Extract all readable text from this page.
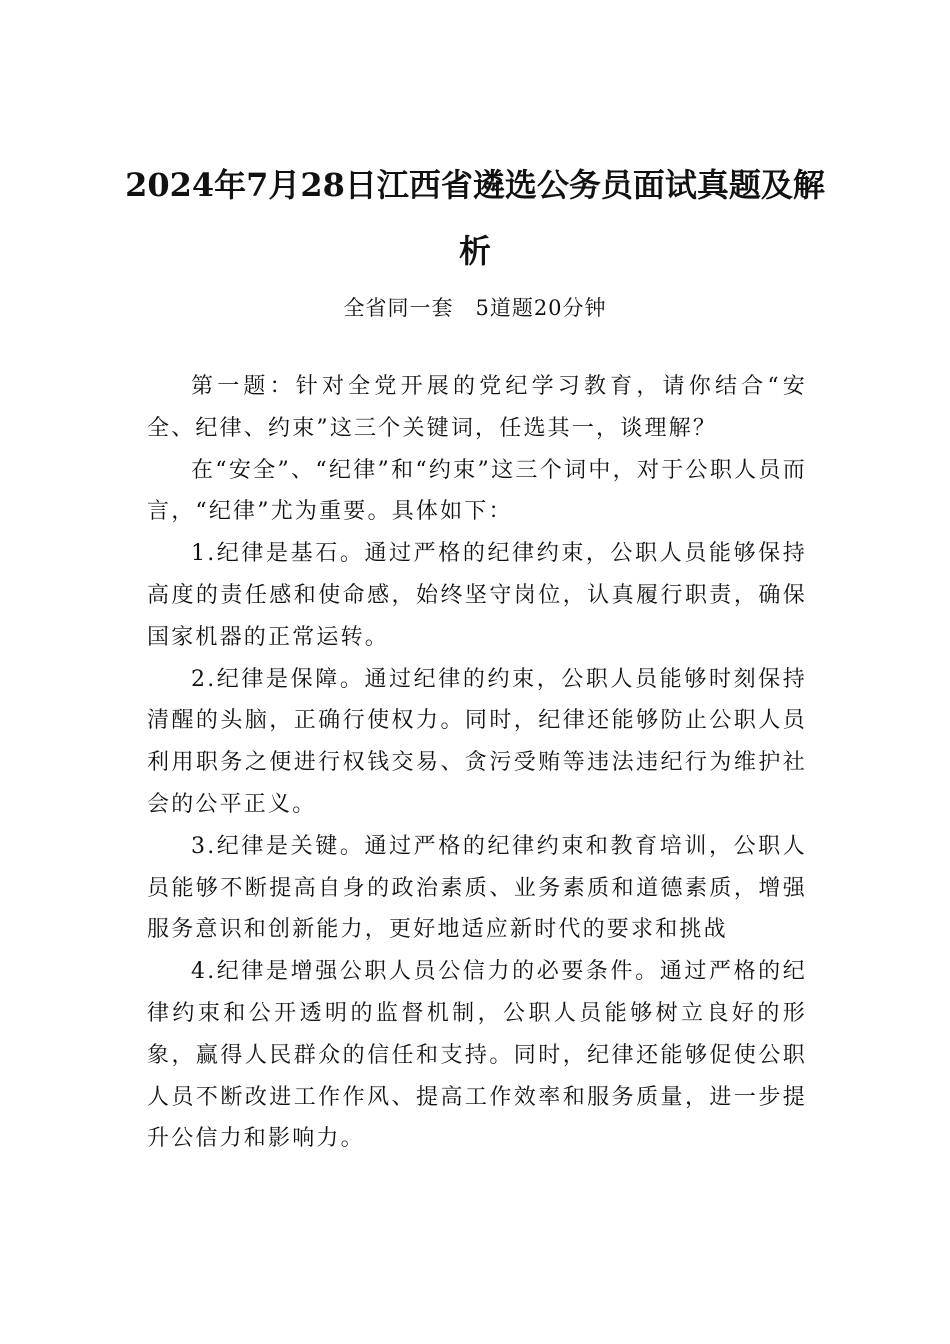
2024年7月28日江西省遴选公务员面试真题及解析
全省同一套　5道题20分钟

第一题：针对全党开展的党纪学习教育，请你结合“安全、纪律、约束”这三个关键词，任选其一，谈理解？

在“安全”、“纪律”和“约束”这三个词中，对于公职人员而言，“纪律”尤为重要。具体如下：

1.纪律是基石。通过严格的纪律约束，公职人员能够保持高度的责任感和使命感，始终坚守岗位，认真履行职责，确保国家机器的正常运转。

2.纪律是保障。通过纪律的约束，公职人员能够时刻保持清醒的头脑，正确行使权力。同时，纪律还能够防止公职人员利用职务之便进行权钱交易、贪污受贿等违法违纪行为维护社会的公平正义。

3.纪律是关键。通过严格的纪律约束和教育培训，公职人员能够不断提高自身的政治素质、业务素质和道德素质，增强服务意识和创新能力，更好地适应新时代的要求和挑战

4.纪律是增强公职人员公信力的必要条件。通过严格的纪律约束和公开透明的监督机制，公职人员能够树立良好的形象，赢得人民群众的信任和支持。同时，纪律还能够促使公职人员不断改进工作作风、提高工作效率和服务质量，进一步提升公信力和影响力。
